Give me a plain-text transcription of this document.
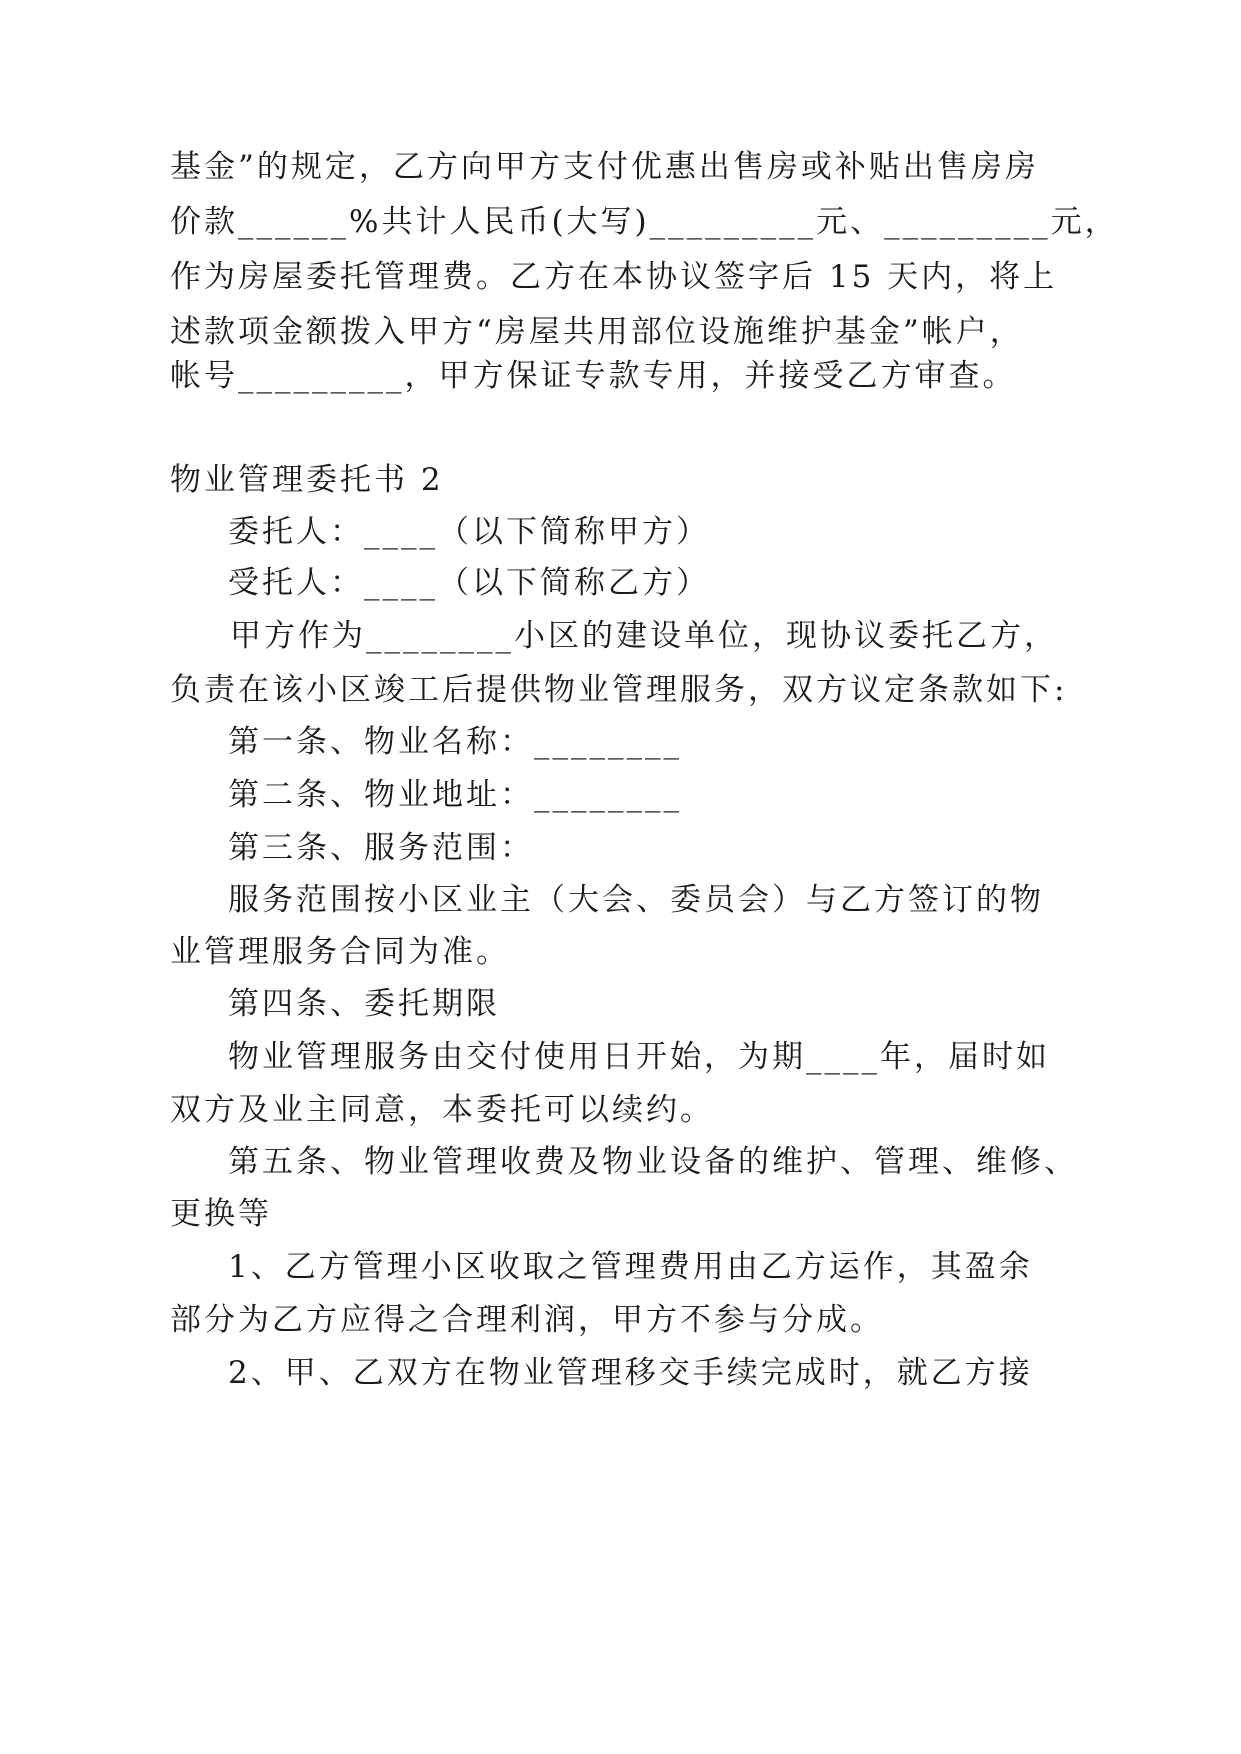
基金”的规定，乙方向甲方支付优惠出售房或补贴出售房房
价款______%共计人民币(大写)_________元、_________元，
作为房屋委托管理费。乙方在本协议签字后 15 天内，将上
述款项金额拨入甲方“房屋共用部位设施维护基金”帐户，
帐号_________，甲方保证专款专用，并接受乙方审查。
物业管理委托书 2
委托人：____（以下简称甲方）
受托人：____（以下简称乙方）
甲方作为________小区的建设单位，现协议委托乙方，
负责在该小区竣工后提供物业管理服务，双方议定条款如下:
第一条、物业名称：________
第二条、物业地址：________
第三条、服务范围：
服务范围按小区业主（大会、委员会）与乙方签订的物
业管理服务合同为准。
第四条、委托期限
物业管理服务由交付使用日开始，为期____年，届时如
双方及业主同意，本委托可以续约。
第五条、物业管理收费及物业设备的维护、管理、维修、
更换等
1、乙方管理小区收取之管理费用由乙方运作，其盈余
部分为乙方应得之合理利润，甲方不参与分成。
2、甲、乙双方在物业管理移交手续完成时，就乙方接
